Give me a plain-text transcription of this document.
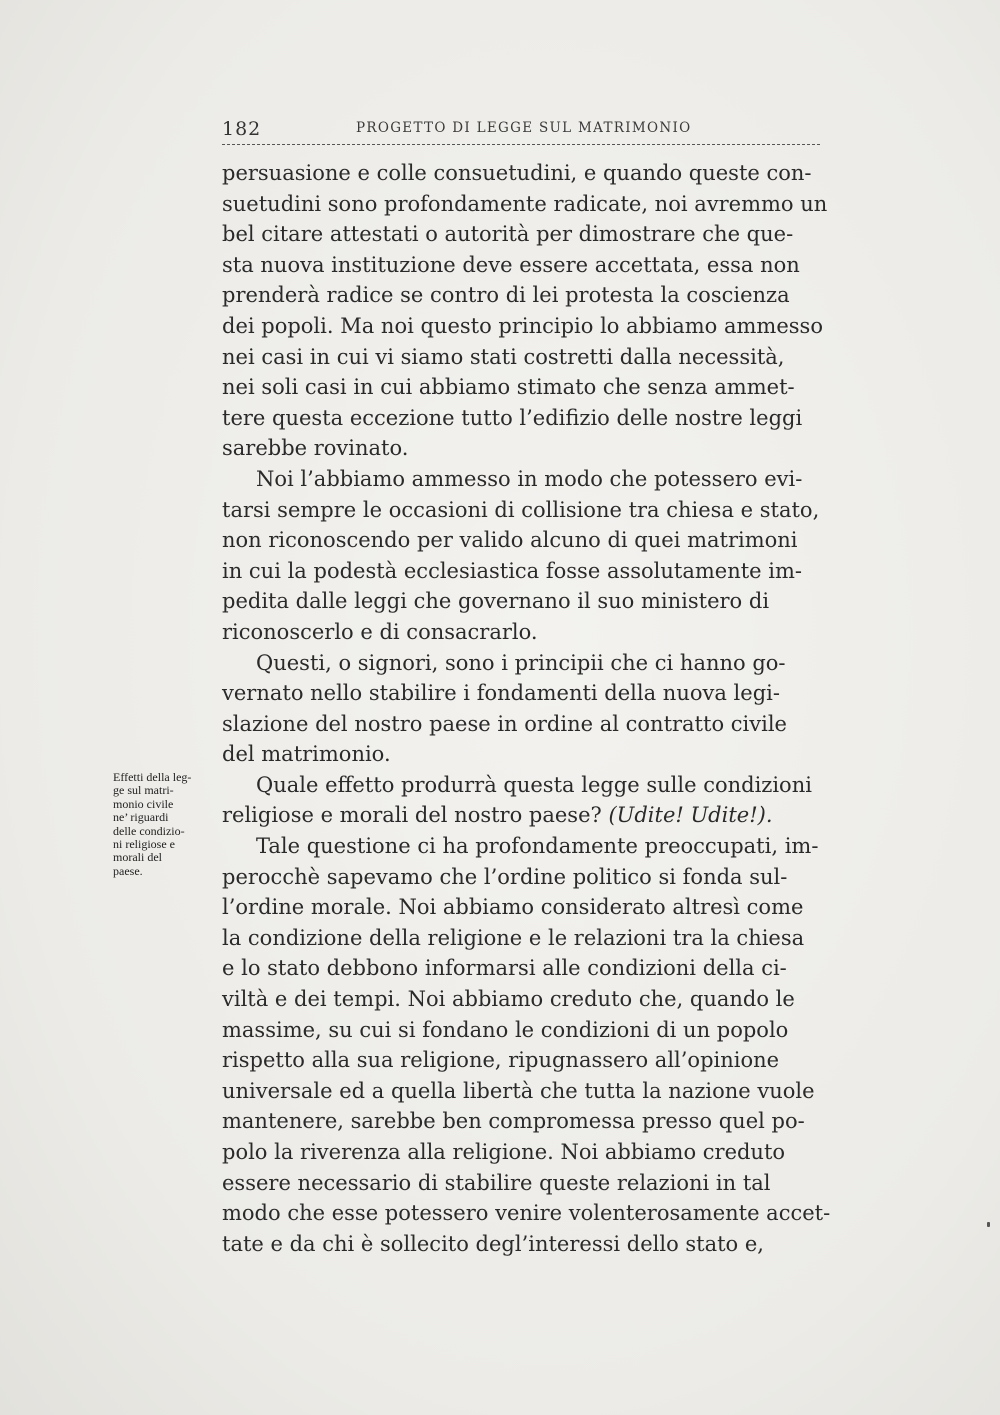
182	PROGETTO DI LEGGE SUL MATRIMONIO
persuasione e colle consuetudini, e quando queste con-
suetudini sono profondamente radicate, noi avremmo un
bel citare attestati o autorità per dimostrare che que-
sta nuova instituzione deve essere accettata, essa non
prenderà radice se contro di lei protesta la coscienza
dei popoli. Ma noi questo principio lo abbiamo ammesso
nei casi in cui vi siamo stati costretti dalla necessità,
nei soli casi in cui abbiamo stimato che senza ammet-
tere questa eccezione tutto l’edifizio delle nostre leggi
sarebbe rovinato.
Noi l’abbiamo ammesso in modo che potessero evi-
tarsi sempre le occasioni di collisione tra chiesa e stato,
non riconoscendo per valido alcuno di quei matrimoni
in cui la podestà ecclesiastica fosse assolutamente im-
pedita dalle leggi che governano il suo ministero di
riconoscerlo e di consacrarlo.
Questi, o signori, sono i principii che ci hanno go-
vernato nello stabilire i fondamenti della nuova legi-
slazione del nostro paese in ordine al contratto civile
del matrimonio.
Quale effetto produrrà questa legge sulle condizioni
religiose e morali del nostro paese? (Udite! Udite!).
Tale questione ci ha profondamente preoccupati, im-
perocchè sapevamo che l’ordine politico si fonda sul-
l’ordine morale. Noi abbiamo considerato altresì come
la condizione della religione e le relazioni tra la chiesa
e lo stato debbono informarsi alle condizioni della ci-
viltà e dei tempi. Noi abbiamo creduto che, quando le
massime, su cui si fondano le condizioni di un popolo
rispetto alla sua religione, ripugnassero all’opinione
universale ed a quella libertà che tutta la nazione vuole
mantenere, sarebbe ben compromessa presso quel po-
polo la riverenza alla religione. Noi abbiamo creduto
essere necessario di stabilire queste relazioni in tal
modo che esse potessero venire volenterosamente accet-
tate e da chi è sollecito degl’interessi dello stato e,
Effetti della leg-
ge sul matri-
monio civile
ne’ riguardi
delle condizio-
ni religiose e
morali del
paese.
